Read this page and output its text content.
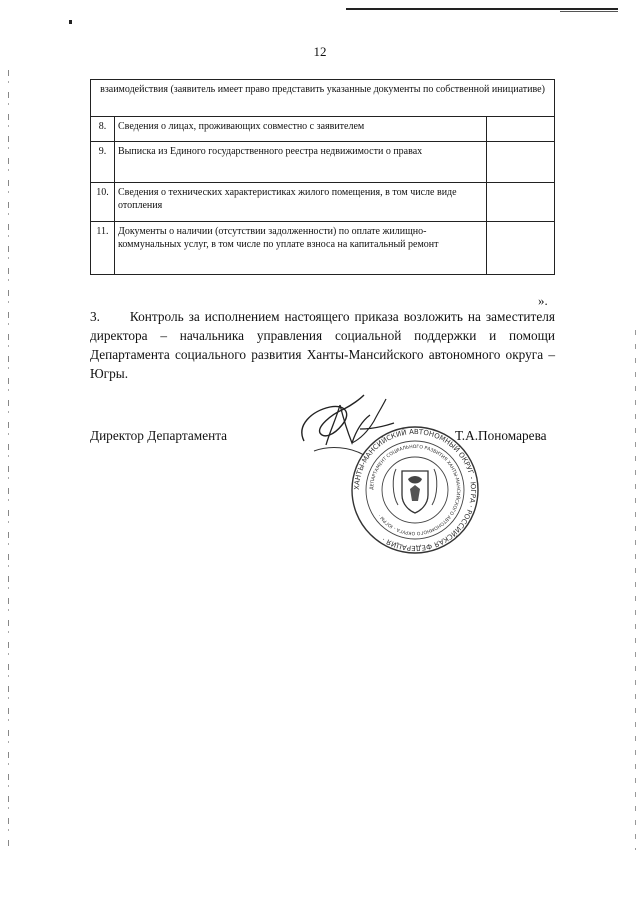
12
взаимодействия (заявитель имеет право представить указанные документы по собственной инициативе)		
8.	Сведения о лицах, проживающих совместно с заявителем	
9.	Выписка из Единого государственного реестра недвижимости о правах	
10.	Сведения о технических характеристиках жилого помещения, в том числе виде отопления	
11.	Документы о наличии (отсутствии задолженности) по оплате жилищно-коммунальных услуг, в том числе по уплате взноса на капитальный ремонт	
».
3.      Контроль за исполнением настоящего приказа возложить на заместителя директора – начальника управления социальной поддержки и помощи Департамента социального развития Ханты-Мансийского автономного округа – Югры.
Директор Департамента	Т.А.Пономарева
ХАНТЫ-МАНСИЙСКИЙ АВТОНОМНЫЙ ОКРУГ - ЮГРА · РОССИЙСКАЯ ФЕДЕРАЦИЯ ·
ДЕПАРТАМЕНТ СОЦИАЛЬНОГО РАЗВИТИЯ ХАНТЫ-МАНСИЙСКОГО АВТОНОМНОГО ОКРУГА - ЮГРЫ ·
